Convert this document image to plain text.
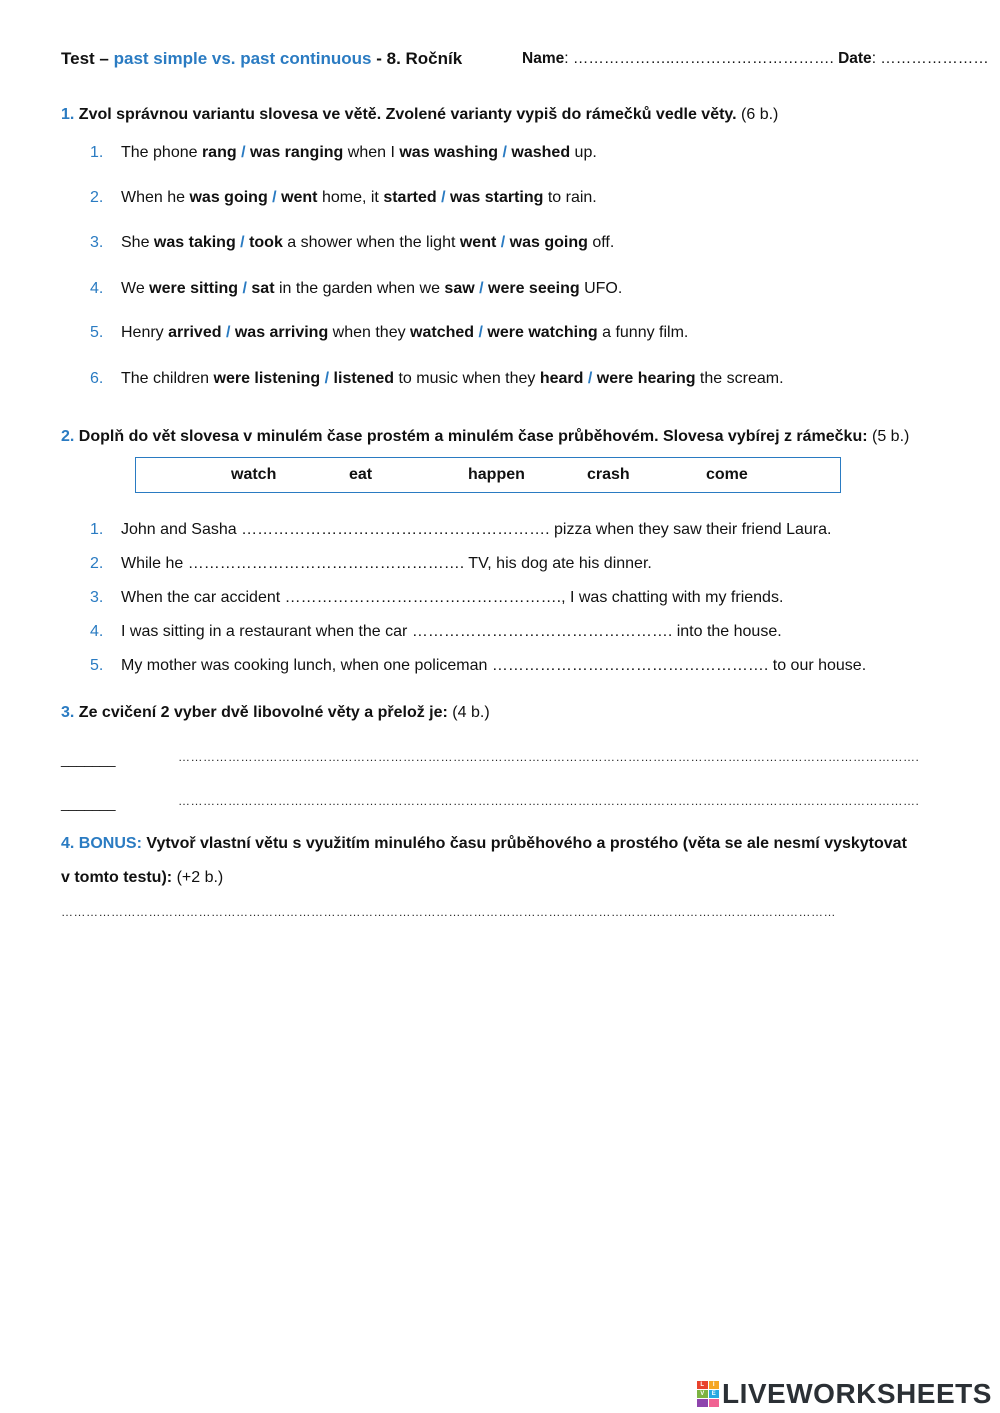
Test – past simple vs. past continuous - 8. Ročník	Name: ………………..…………………………. Date: …………………
1. Zvol správnou variantu slovesa ve větě. Zvolené varianty vypiš do rámečků vedle věty. (6 b.)
1. The phone rang / was ranging when I was washing / washed up.
2. When he was going / went home, it started / was starting to rain.
3. She was taking / took a shower when the light went / was going off.
4. We were sitting / sat in the garden when we saw / were seeing UFO.
5. Henry arrived / was arriving when they watched / were watching a funny film.
6. The children were listening / listened to music when they heard / were hearing the scream.
2. Doplň do vět slovesa v minulém čase prostém a minulém čase průběhovém. Slovesa vybírej z rámečku: (5 b.)
watch	eat	happen	crash	come
1. John and Sasha …………………………………………………. pizza when they saw their friend Laura.
2. While he ……………………………………………. TV, his dog ate his dinner.
3. When the car accident ……………………………………………., I was chatting with my friends.
4. I was sitting in a restaurant when the car …………………………………………. into the house.
5. My mother was cooking lunch, when one policeman ……………………………………………. to our house.
3. Ze cvičení 2 vyber dvě libovolné věty a přelož je: (4 b.)
_______	…………………………………………………………………………………………………………………………………………………………….
_______	…………………………………………………………………………………………………………………………………………………………….
4. BONUS: Vytvoř vlastní větu s využitím minulého času průběhového a prostého (věta se ale nesmí vyskytovat
v tomto testu): (+2 b.)
……………………………………………………………………………………………………………………………………………………………………
L	I
V	E LIVEWORKSHEETS
